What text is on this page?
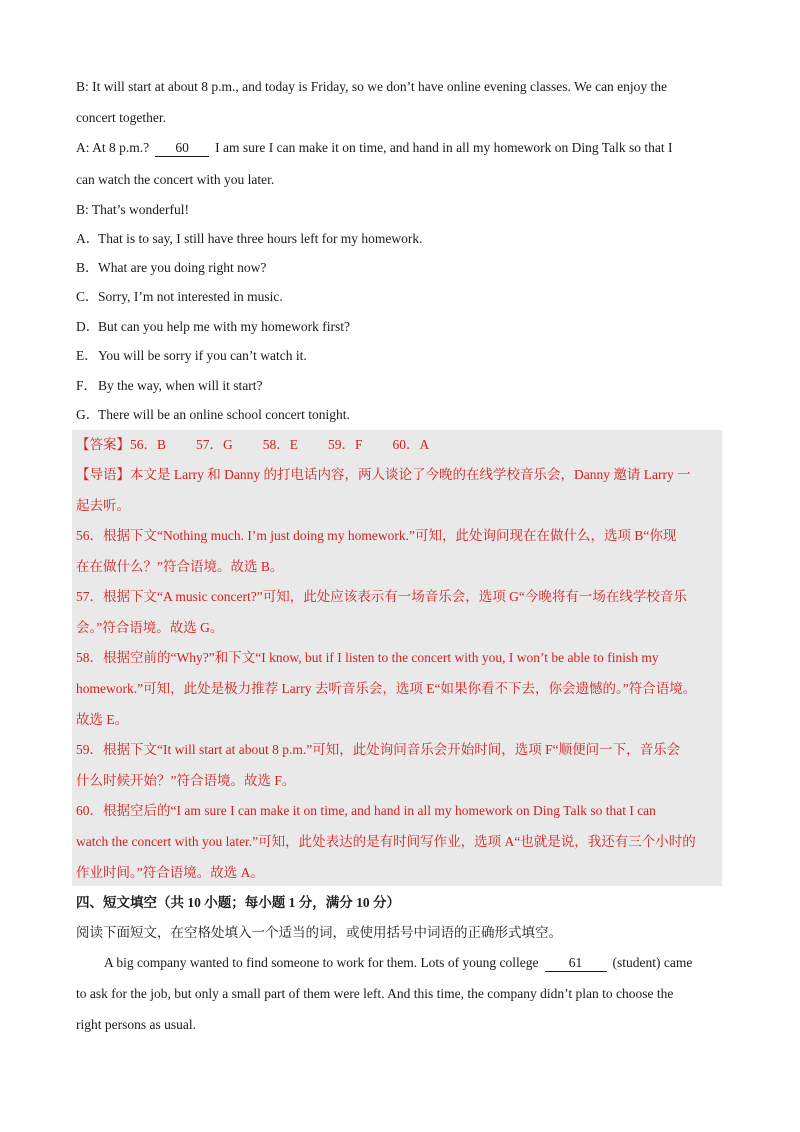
B: It will start at about 8 p.m., and today is Friday, so we don’t have online evening classes. We can enjoy the
concert together.
A: At 8 p.m.? 60 I am sure I can make it on time, and hand in all my homework on Ding Talk so that I
can watch the concert with you later.
B: That’s wonderful!
A．That is to say, I still have three hours left for my homework.
B．What are you doing right now?
C．Sorry, I’m not interested in music.
D．But can you help me with my homework first?
E．You will be sorry if you can’t watch it.
F．By the way, when will it start?
G．There will be an online school concert tonight.
【答案】56．B 57．G 58．E 59．F 60．A
【导语】本文是 Larry 和 Danny 的打电话内容，两人谈论了今晚的在线学校音乐会，Danny 邀请 Larry 一
起去听。
56．根据下文“Nothing much. I’m just doing my homework.”可知，此处询问现在在做什么，选项 B“你现
在在做什么？”符合语境。故选 B。
57．根据下文“A music concert?”可知，此处应该表示有一场音乐会，选项 G“今晚将有一场在线学校音乐
会。”符合语境。故选 G。
58．根据空前的“Why?”和下文“I know, but if I listen to the concert with you, I won’t be able to finish my
homework.”可知，此处是极力推荐 Larry 去听音乐会，选项 E“如果你看不下去，你会遗憾的。”符合语境。
故选 E。
59．根据下文“It will start at about 8 p.m.”可知，此处询问音乐会开始时间，选项 F“顺便问一下，音乐会
什么时候开始？”符合语境。故选 F。
60．根据空后的“I am sure I can make it on time, and hand in all my homework on Ding Talk so that I can
watch the concert with you later.”可知，此处表达的是有时间写作业，选项 A“也就是说，我还有三个小时的
作业时间。”符合语境。故选 A。
四、短文填空（共 10 小题；每小题 1 分，满分 10 分）
阅读下面短文，在空格处填入一个适当的词，或使用括号中词语的正确形式填空。
A big company wanted to find someone to work for them. Lots of young college 61 (student) came
to ask for the job, but only a small part of them were left. And this time, the company didn’t plan to choose the
right persons as usual.
